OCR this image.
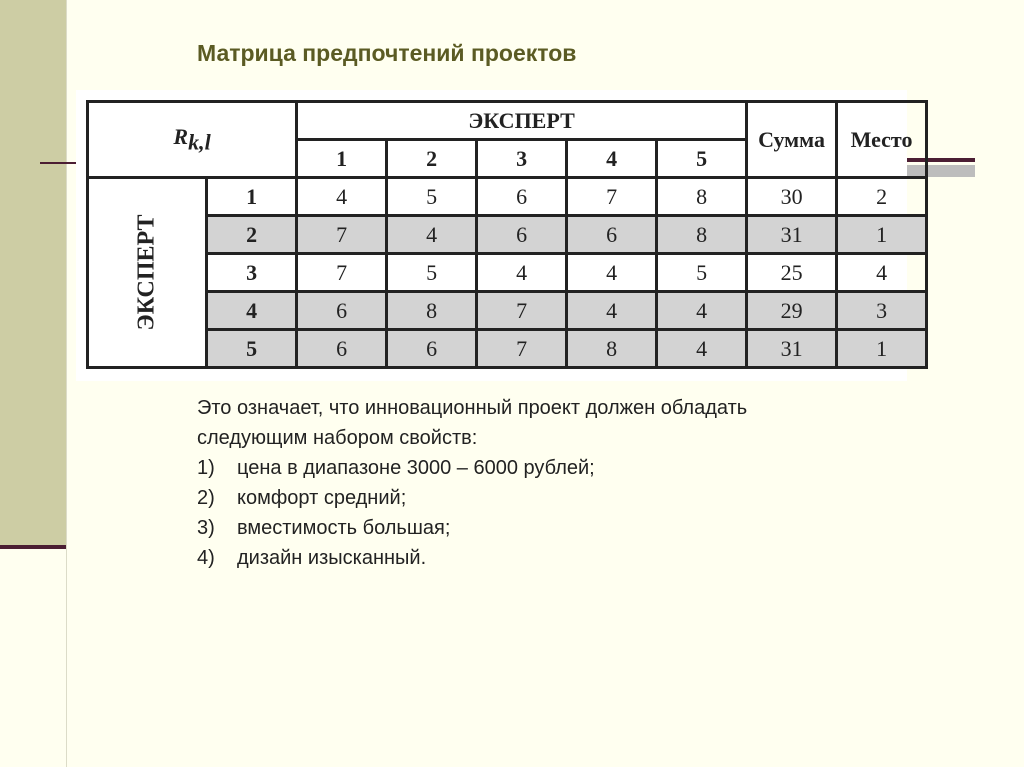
Матрица предпочтений проектов
$R_{k,l}$		ЭКСПЕРТ					Сумма	Место
		1	2	3	4	5		
ЭКСПЕРТ	1	4	5	6	7	8	30	2
	2	7	4	6	6	8	31	1
	3	7	5	4	4	5	25	4
	4	6	8	7	4	4	29	3
	5	6	6	7	8	4	31	1

Это означает, что инновационный проект должен обладать следующим набором свойств:

1)	цена в диапазоне 3000 – 6000 рублей;
2)	комфорт средний;
3)	вместимость большая;
4)	дизайн изысканный.
